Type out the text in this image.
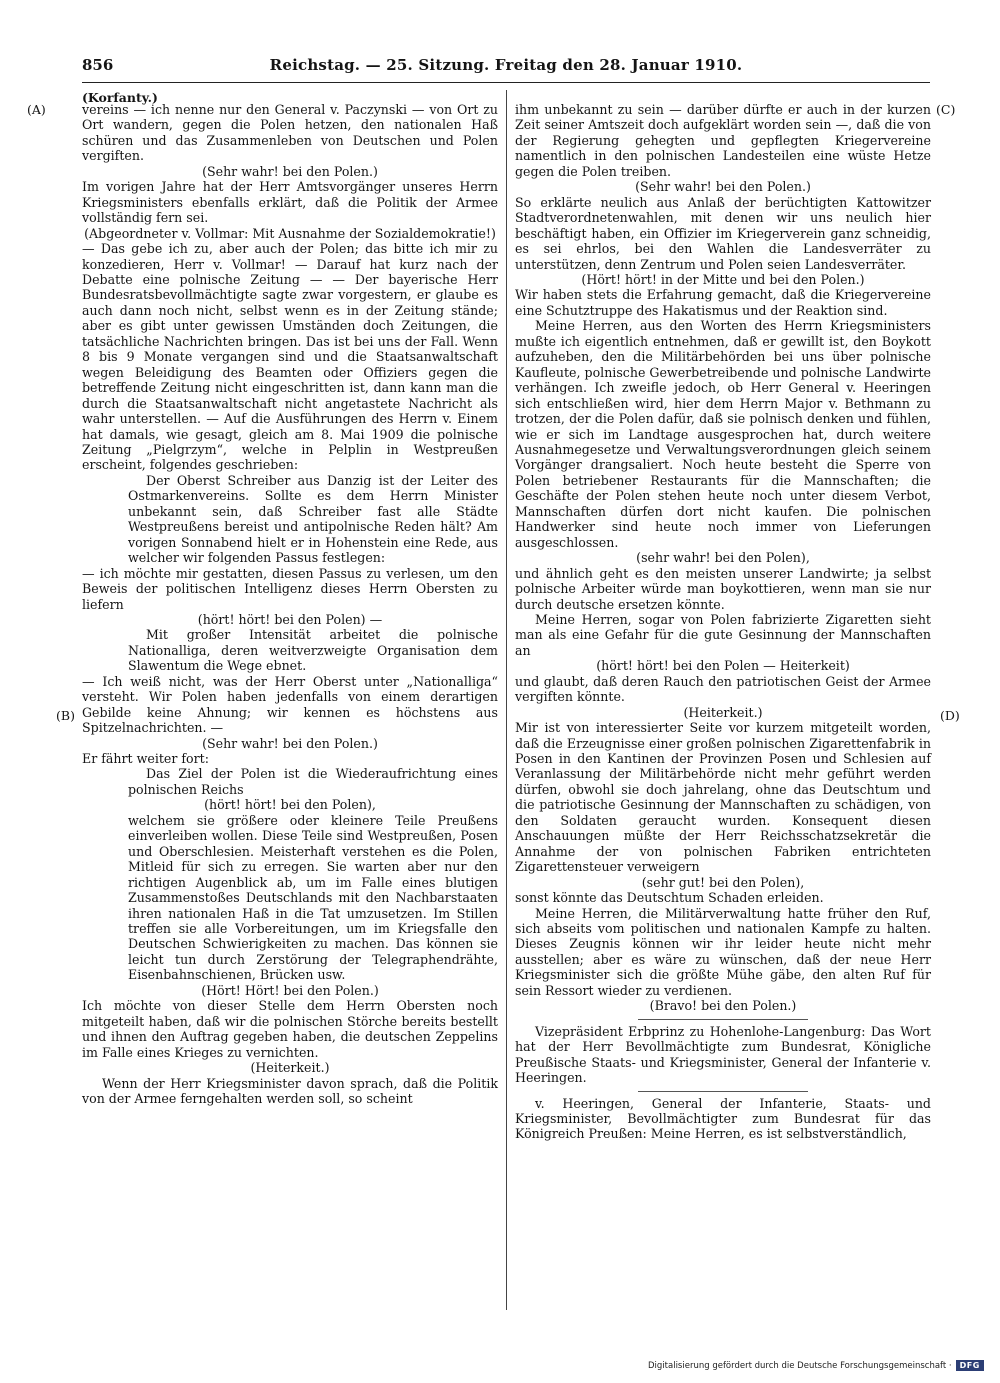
856	Reichstag. — 25. Sitzung. Freitag den 28. Januar 1910.
(Korfanty.)
(A)
(B)
(C)
(D)

vereins — ich nenne nur den General v. Paczynski — von Ort zu Ort wandern, gegen die Polen hetzen, den nationalen Haß schüren und das Zusammenleben von Deutschen und Polen vergiften.

(Sehr wahr! bei den Polen.)

Im vorigen Jahre hat der Herr Amtsvorgänger unseres Herrn Kriegsministers ebenfalls erklärt, daß die Politik der Armee vollständig fern sei.

(Abgeordneter v. Vollmar: Mit Ausnahme der Sozialdemokratie!)

— Das gebe ich zu, aber auch der Polen; das bitte ich mir zu konzedieren, Herr v. Vollmar! — Darauf hat kurz nach der Debatte eine polnische Zeitung — — Der bayerische Herr Bundesratsbevollmächtigte sagte zwar vorgestern, er glaube es auch dann noch nicht, selbst wenn es in der Zeitung stände; aber es gibt unter gewissen Umständen doch Zeitungen, die tatsächliche Nachrichten bringen. Das ist bei uns der Fall. Wenn 8 bis 9 Monate vergangen sind und die Staatsanwaltschaft wegen Beleidigung des Beamten oder Offiziers gegen die betreffende Zeitung nicht eingeschritten ist, dann kann man die durch die Staatsanwaltschaft nicht angetastete Nachricht als wahr unterstellen. — Auf die Ausführungen des Herrn v. Einem hat damals, wie gesagt, gleich am 8. Mai 1909 die polnische Zeitung „Pielgrzym“, welche in Pelplin in Westpreußen erscheint, folgendes geschrieben:

Der Oberst Schreiber aus Danzig ist der Leiter des Ostmarkenvereins. Sollte es dem Herrn Minister unbekannt sein, daß Schreiber fast alle Städte Westpreußens bereist und antipolnische Reden hält? Am vorigen Sonnabend hielt er in Hohenstein eine Rede, aus welcher wir folgenden Passus festlegen:

— ich möchte mir gestatten, diesen Passus zu verlesen, um den Beweis der politischen Intelligenz dieses Herrn Obersten zu liefern

(hört! hört! bei den Polen) —

Mit großer Intensität arbeitet die polnische Nationalliga, deren weitverzweigte Organisation dem Slawentum die Wege ebnet.

— Ich weiß nicht, was der Herr Oberst unter „Nationalliga“ versteht. Wir Polen haben jedenfalls von einem derartigen Gebilde keine Ahnung; wir kennen es höchstens aus Spitzelnachrichten. —

(Sehr wahr! bei den Polen.)

Er fährt weiter fort:

Das Ziel der Polen ist die Wiederaufrichtung eines polnischen Reichs

(hört! hört! bei den Polen),

welchem sie größere oder kleinere Teile Preußens einverleiben wollen. Diese Teile sind Westpreußen, Posen und Oberschlesien. Meisterhaft verstehen es die Polen, Mitleid für sich zu erregen. Sie warten aber nur den richtigen Augenblick ab, um im Falle eines blutigen Zusammenstoßes Deutschlands mit den Nachbarstaaten ihren nationalen Haß in die Tat umzusetzen. Im Stillen treffen sie alle Vorbereitungen, um im Kriegsfalle den Deutschen Schwierigkeiten zu machen. Das können sie leicht tun durch Zerstörung der Telegraphendrähte, Eisenbahnschienen, Brücken usw.

(Hört! Hört! bei den Polen.)

Ich möchte von dieser Stelle dem Herrn Obersten noch mitgeteilt haben, daß wir die polnischen Störche bereits bestellt und ihnen den Auftrag gegeben haben, die deutschen Zeppelins im Falle eines Krieges zu vernichten.

(Heiterkeit.)

Wenn der Herr Kriegsminister davon sprach, daß die Politik von der Armee ferngehalten werden soll, so scheint

ihm unbekannt zu sein — darüber dürfte er auch in der kurzen Zeit seiner Amtszeit doch aufgeklärt worden sein —, daß die von der Regierung gehegten und gepflegten Kriegervereine namentlich in den polnischen Landesteilen eine wüste Hetze gegen die Polen treiben.

(Sehr wahr! bei den Polen.)

So erklärte neulich aus Anlaß der berüchtigten Kattowitzer Stadtverordnetenwahlen, mit denen wir uns neulich hier beschäftigt haben, ein Offizier im Kriegerverein ganz schneidig, es sei ehrlos, bei den Wahlen die Landesverräter zu unterstützen, denn Zentrum und Polen seien Landesverräter.

(Hört! hört! in der Mitte und bei den Polen.)

Wir haben stets die Erfahrung gemacht, daß die Kriegervereine eine Schutztruppe des Hakatismus und der Reaktion sind.

Meine Herren, aus den Worten des Herrn Kriegsministers mußte ich eigentlich entnehmen, daß er gewillt ist, den Boykott aufzuheben, den die Militärbehörden bei uns über polnische Kaufleute, polnische Gewerbetreibende und polnische Landwirte verhängen. Ich zweifle jedoch, ob Herr General v. Heeringen sich entschließen wird, hier dem Herrn Major v. Bethmann zu trotzen, der die Polen dafür, daß sie polnisch denken und fühlen, wie er sich im Landtage ausgesprochen hat, durch weitere Ausnahmegesetze und Verwaltungsverordnungen gleich seinem Vorgänger drangsaliert. Noch heute besteht die Sperre von Polen betriebener Restaurants für die Mannschaften; die Geschäfte der Polen stehen heute noch unter diesem Verbot, Mannschaften dürfen dort nicht kaufen. Die polnischen Handwerker sind heute noch immer von Lieferungen ausgeschlossen.

(sehr wahr! bei den Polen),

und ähnlich geht es den meisten unserer Landwirte; ja selbst polnische Arbeiter würde man boykottieren, wenn man sie nur durch deutsche ersetzen könnte.

Meine Herren, sogar von Polen fabrizierte Zigaretten sieht man als eine Gefahr für die gute Gesinnung der Mannschaften an

(hört! hört! bei den Polen — Heiterkeit)

und glaubt, daß deren Rauch den patriotischen Geist der Armee vergiften könnte.

(Heiterkeit.)

Mir ist von interessierter Seite vor kurzem mitgeteilt worden, daß die Erzeugnisse einer großen polnischen Zigarettenfabrik in Posen in den Kantinen der Provinzen Posen und Schlesien auf Veranlassung der Militärbehörde nicht mehr geführt werden dürfen, obwohl sie doch jahrelang, ohne das Deutschtum und die patriotische Gesinnung der Mannschaften zu schädigen, von den Soldaten geraucht wurden. Konsequent diesen Anschauungen müßte der Herr Reichsschatzsekretär die Annahme der von polnischen Fabriken entrichteten Zigarettensteuer verweigern

(sehr gut! bei den Polen),

sonst könnte das Deutschtum Schaden erleiden.

Meine Herren, die Militärverwaltung hatte früher den Ruf, sich abseits vom politischen und nationalen Kampfe zu halten. Dieses Zeugnis können wir ihr leider heute nicht mehr ausstellen; aber es wäre zu wünschen, daß der neue Herr Kriegsminister sich die größte Mühe gäbe, den alten Ruf für sein Ressort wieder zu verdienen.

(Bravo! bei den Polen.)

Vizepräsident Erbprinz zu Hohenlohe-Langenburg: Das Wort hat der Herr Bevollmächtigte zum Bundesrat, Königliche Preußische Staats- und Kriegsminister, General der Infanterie v. Heeringen.

v. Heeringen, General der Infanterie, Staats- und Kriegsminister, Bevollmächtigter zum Bundesrat für das Königreich Preußen: Meine Herren, es ist selbstverständlich,

Digitalisierung gefördert durch die Deutsche Forschungsgemeinschaft ·	DFG
